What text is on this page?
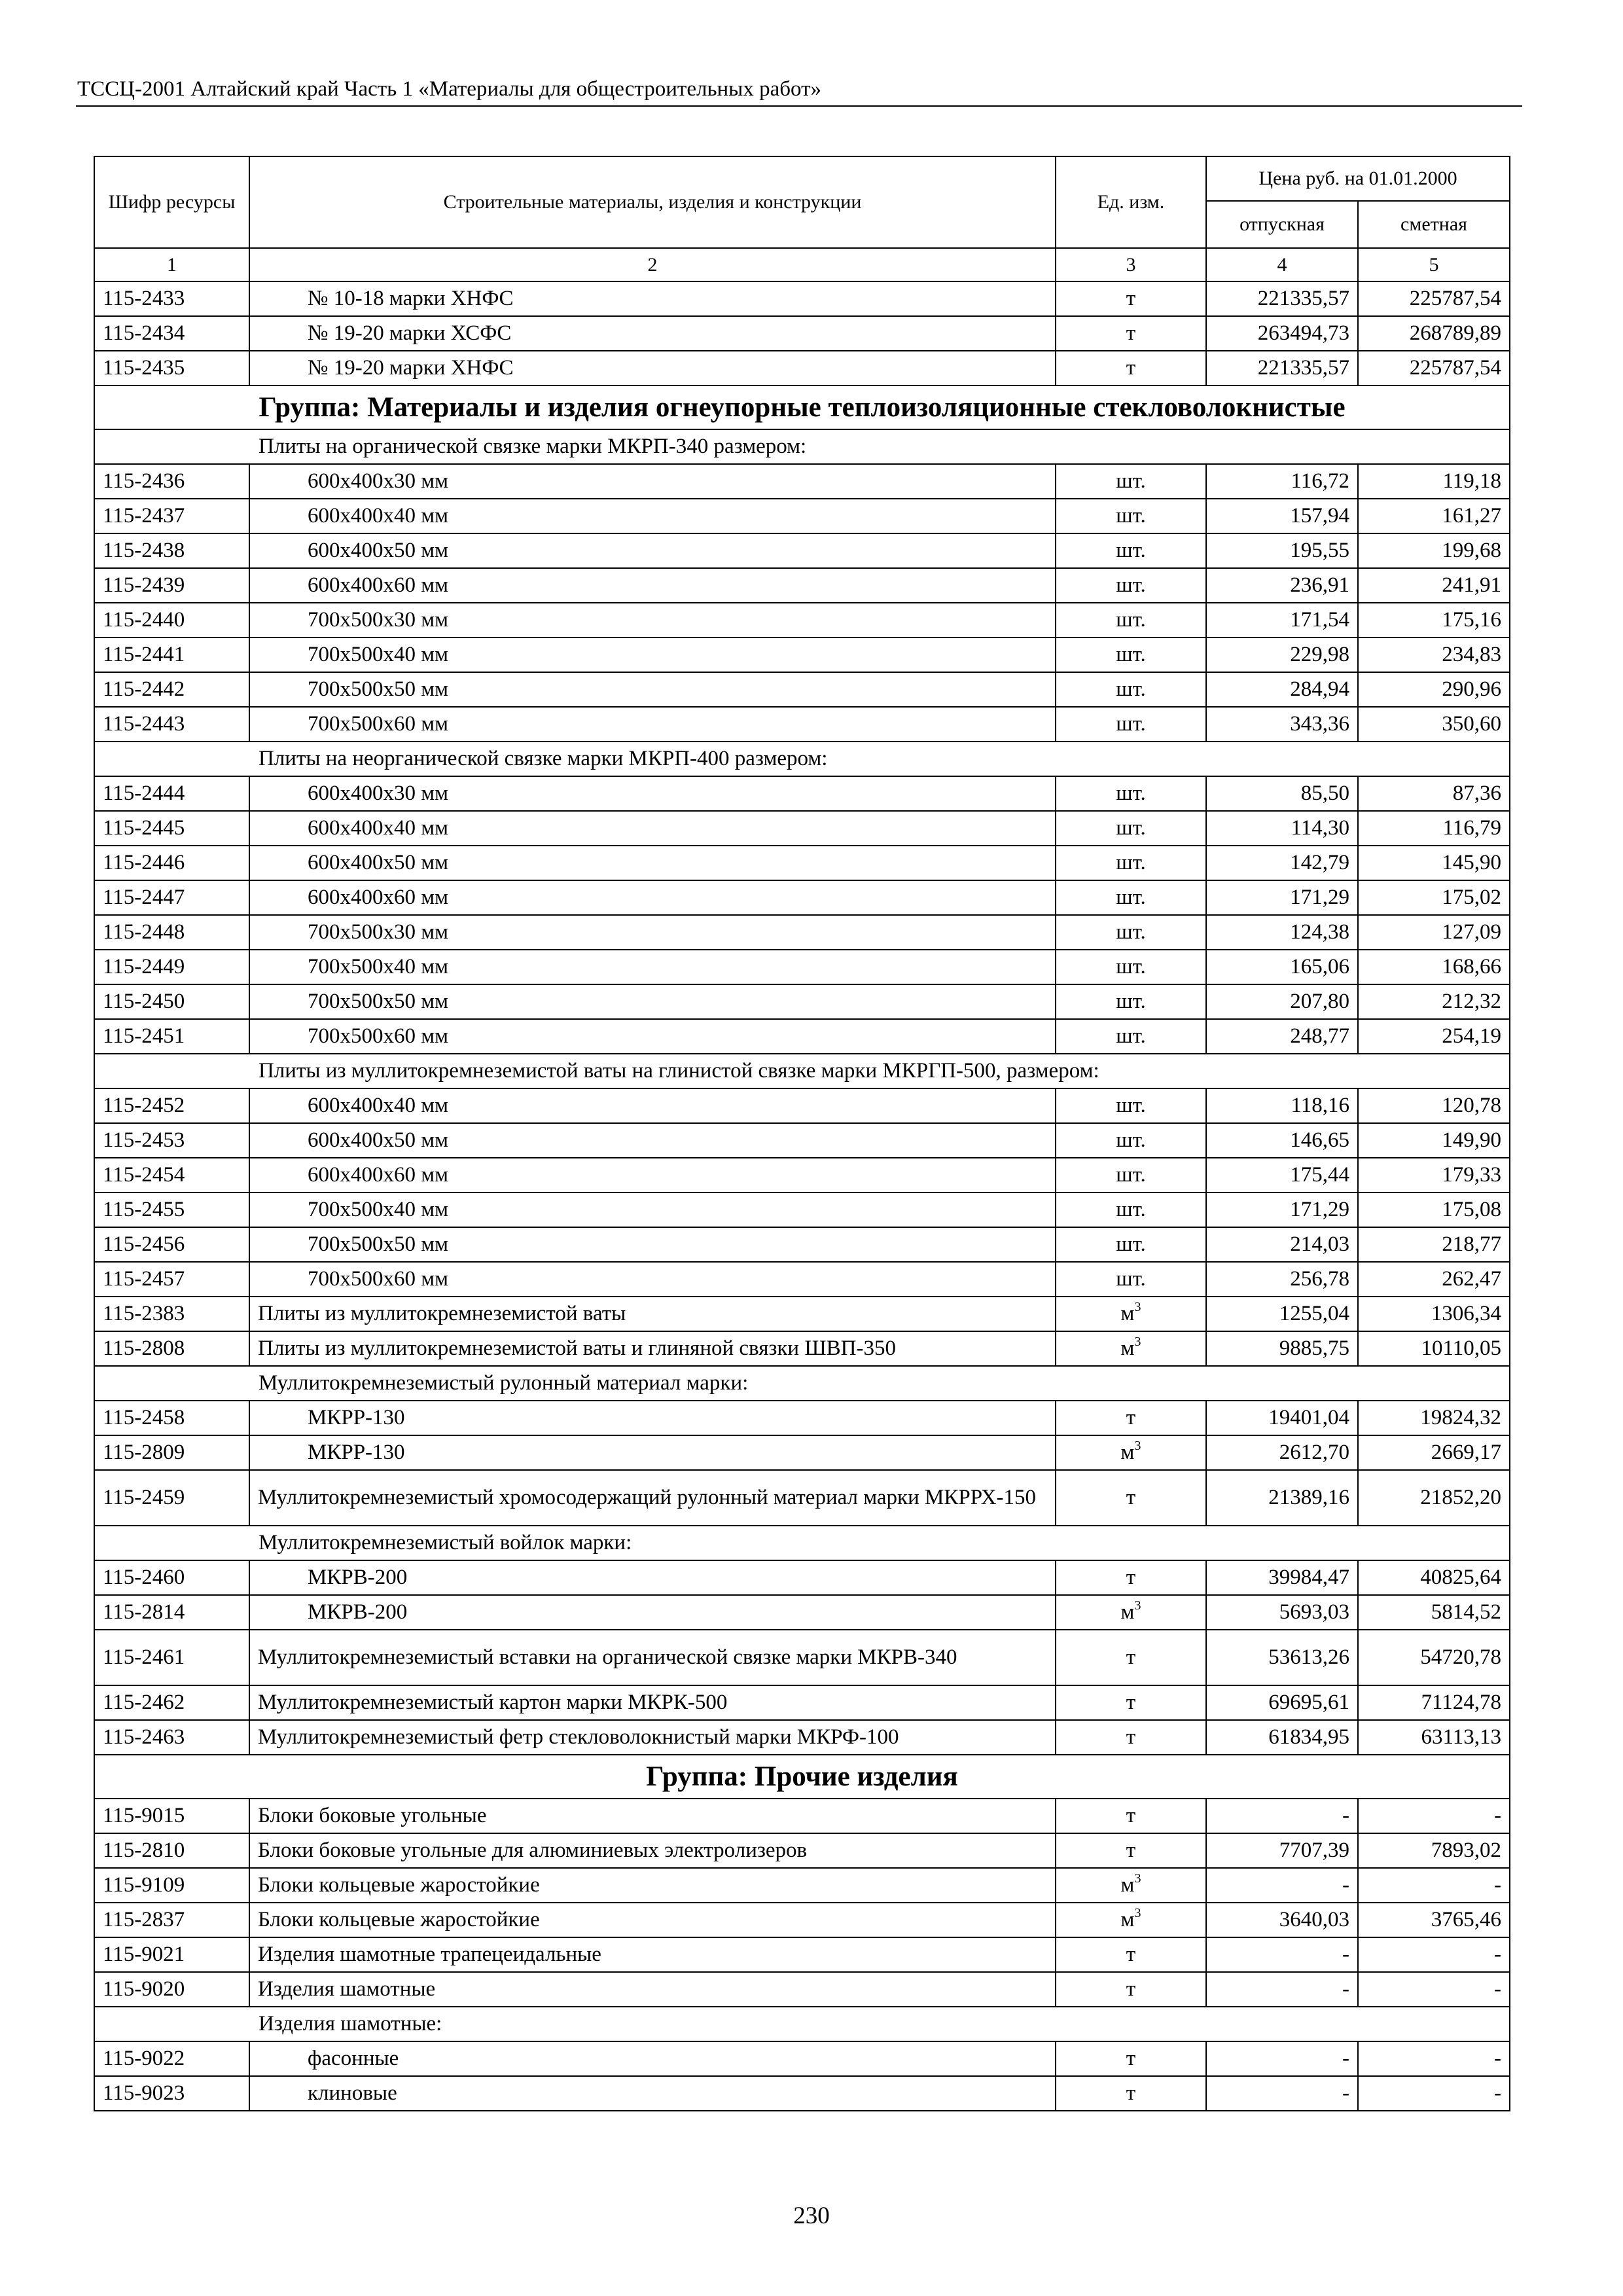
ТССЦ-2001 Алтайский край Часть 1 «Материалы для общестроительных работ»
Шифр ресурсы	Строительные материалы, изделия и конструкции	Ед. изм.	Цена руб. на 01.01.2000	
			отпускная	сметная
1	2	3	4	5
115-2433	№ 10-18 марки ХНФС	т	221335,57	225787,54
115-2434	№ 19-20 марки ХСФС	т	263494,73	268789,89
115-2435	№ 19-20 марки ХНФС	т	221335,57	225787,54
Группа: Материалы и изделия огнеупорные теплоизоляционные стекловолокнистые				
Плиты на органической связке марки МКРП-340 размером:				
115-2436	600х400х30 мм	шт.	116,72	119,18
115-2437	600х400х40 мм	шт.	157,94	161,27
115-2438	600х400х50 мм	шт.	195,55	199,68
115-2439	600х400х60 мм	шт.	236,91	241,91
115-2440	700х500х30 мм	шт.	171,54	175,16
115-2441	700х500х40 мм	шт.	229,98	234,83
115-2442	700х500х50 мм	шт.	284,94	290,96
115-2443	700х500х60 мм	шт.	343,36	350,60
Плиты на неорганической связке марки МКРП-400 размером:				
115-2444	600х400х30 мм	шт.	85,50	87,36
115-2445	600х400х40 мм	шт.	114,30	116,79
115-2446	600х400х50 мм	шт.	142,79	145,90
115-2447	600х400х60 мм	шт.	171,29	175,02
115-2448	700х500х30 мм	шт.	124,38	127,09
115-2449	700х500х40 мм	шт.	165,06	168,66
115-2450	700х500х50 мм	шт.	207,80	212,32
115-2451	700х500х60 мм	шт.	248,77	254,19
Плиты из муллитокремнеземистой ваты на глинистой связке марки МКРГП-500, размером:				
115-2452	600х400х40 мм	шт.	118,16	120,78
115-2453	600х400х50 мм	шт.	146,65	149,90
115-2454	600х400х60 мм	шт.	175,44	179,33
115-2455	700х500х40 мм	шт.	171,29	175,08
115-2456	700х500х50 мм	шт.	214,03	218,77
115-2457	700х500х60 мм	шт.	256,78	262,47
115-2383	Плиты из муллитокремнеземистой ваты	$м^3$	1255,04	1306,34
115-2808	Плиты из муллитокремнеземистой ваты и глиняной связки ШВП-350	$м^3$	9885,75	10110,05
Муллитокремнеземистый рулонный материал марки:				
115-2458	МКРР-130	т	19401,04	19824,32
115-2809	МКРР-130	$м^3$	2612,70	2669,17
115-2459	Муллитокремнеземистый хромосодержащий рулонный материал марки МКРРХ-150	т	21389,16	21852,20
Муллитокремнеземистый войлок марки:				
115-2460	МКРВ-200	т	39984,47	40825,64
115-2814	МКРВ-200	$м^3$	5693,03	5814,52
115-2461	Муллитокремнеземистый вставки на органической связке марки МКРВ-340	т	53613,26	54720,78
115-2462	Муллитокремнеземистый картон марки МКРК-500	т	69695,61	71124,78
115-2463	Муллитокремнеземистый фетр стекловолокнистый марки МКРФ-100	т	61834,95	63113,13
Группа: Прочие изделия				
115-9015	Блоки боковые угольные	т	-	-
115-2810	Блоки боковые угольные для алюминиевых электролизеров	т	7707,39	7893,02
115-9109	Блоки кольцевые жаростойкие	$м^3$	-	-
115-2837	Блоки кольцевые жаростойкие	$м^3$	3640,03	3765,46
115-9021	Изделия шамотные трапецеидальные	т	-	-
115-9020	Изделия шамотные	т	-	-
Изделия шамотные:				
115-9022	фасонные	т	-	-
115-9023	клиновые	т	-	-
230
